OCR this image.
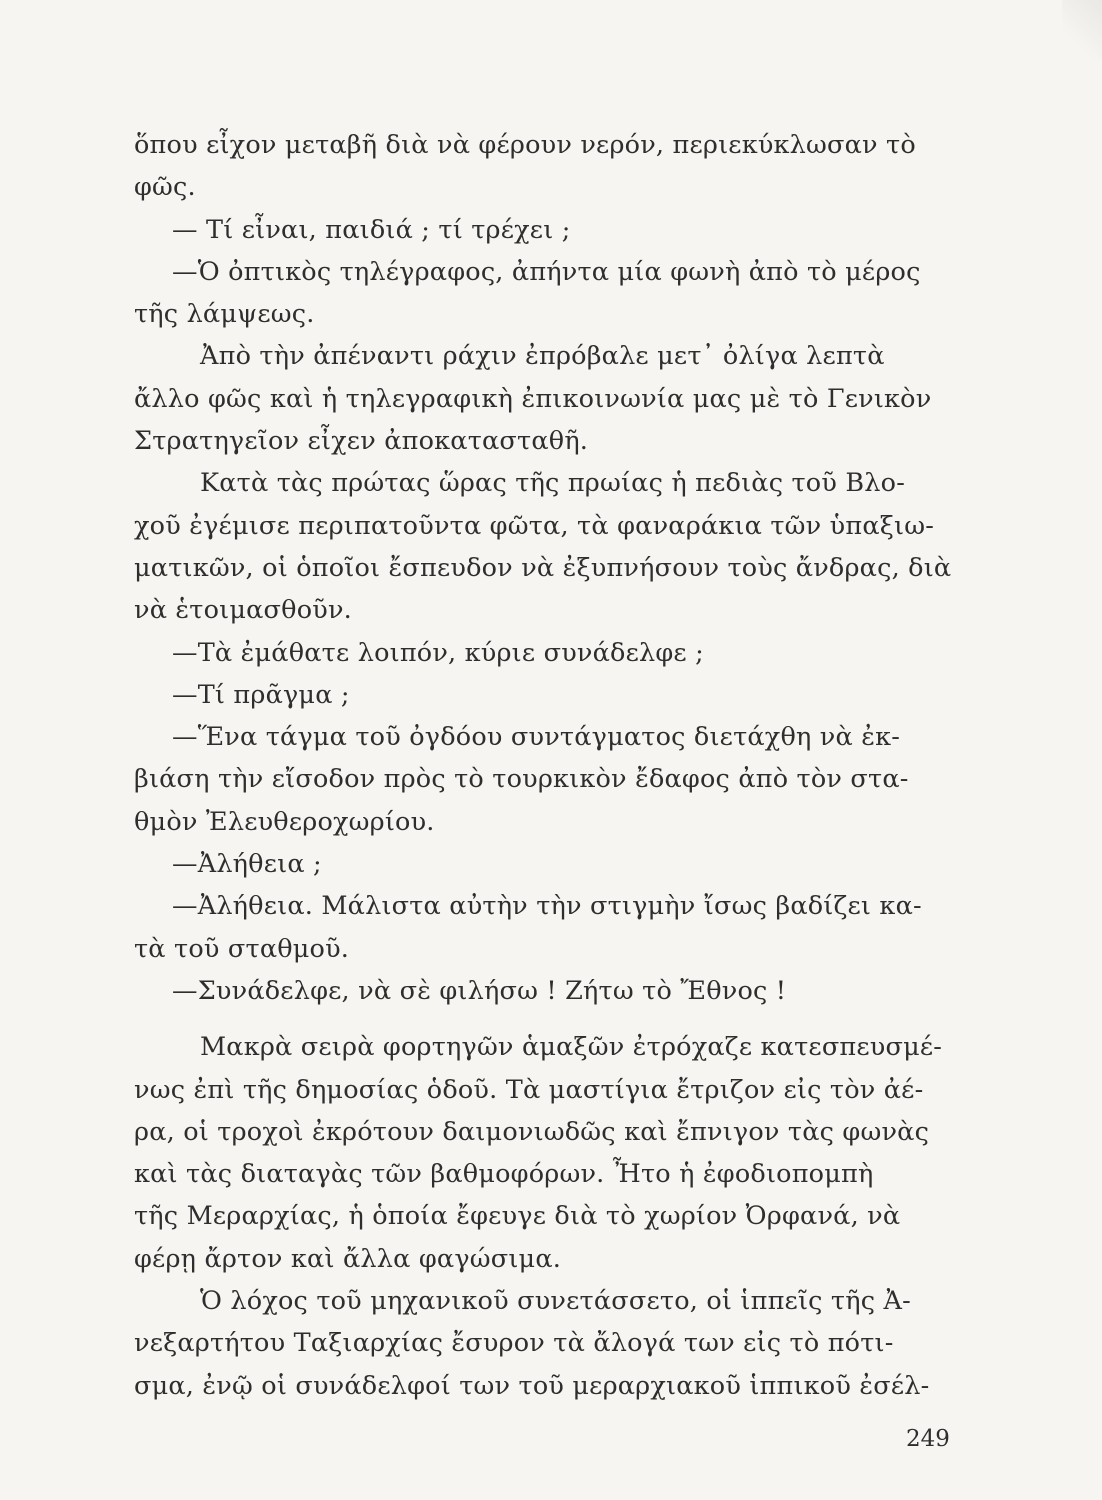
ὅπου εἶχον μεταβῆ διὰ νὰ φέρουν νερόν, περιεκύκλωσαν τὸ
φῶς.
— Τί εἶναι, παιδιά ; τί τρέχει ;
—Ὁ ὀπτικὸς τηλέγραφος, ἀπήντα μία φωνὴ ἀπὸ τὸ μέρος
τῆς λάμψεως.
Ἀπὸ τὴν ἀπέναντι ράχιν ἐπρόβαλε μετ᾿ ὀλίγα λεπτὰ
ἄλλο φῶς καὶ ἡ τηλεγραφικὴ ἐπικοινωνία μας μὲ τὸ Γενικὸν
Στρατηγεῖον εἶχεν ἀποκατασταθῆ.
Κατὰ τὰς πρώτας ὥρας τῆς πρωίας ἡ πεδιὰς τοῦ Βλο-
χοῦ ἐγέμισε περιπατοῦντα φῶτα, τὰ φαναράκια τῶν ὑπαξιω-
ματικῶν, οἱ ὁποῖοι ἔσπευδον νὰ ἐξυπνήσουν τοὺς ἄνδρας, διὰ
νὰ ἑτοιμασθοῦν.
—Τὰ ἐμάθατε λοιπόν, κύριε συνάδελφε ;
—Τί πρᾶγμα ;
—Ἕνα τάγμα τοῦ ὀγδόου συντάγματος διετάχθη νὰ ἐκ-
βιάση τὴν εἴσοδον πρὸς τὸ τουρκικὸν ἔδαφος ἀπὸ τὸν στα-
θμὸν Ἐλευθεροχωρίου.
—Ἀλήθεια ;
—Ἀλήθεια. Μάλιστα αὐτὴν τὴν στιγμὴν ἴσως βαδίζει κα-
τὰ τοῦ σταθμοῦ.
—Συνάδελφε, νὰ σὲ φιλήσω ! Ζήτω τὸ Ἔθνος !
Μακρὰ σειρὰ φορτηγῶν ἁμαξῶν ἐτρόχαζε κατεσπευσμέ-
νως ἐπὶ τῆς δημοσίας ὁδοῦ. Τὰ μαστίγια ἔτριζον εἰς τὸν ἀέ-
ρα, οἱ τροχοὶ ἐκρότουν δαιμονιωδῶς καὶ ἔπνιγον τὰς φωνὰς
καὶ τὰς διαταγὰς τῶν βαθμοφόρων. Ἦτο ἡ ἐφοδιοπομπὴ
τῆς Μεραρχίας, ἡ ὁποία ἔφευγε διὰ τὸ χωρίον Ὀρφανά, νὰ
φέρῃ ἄρτον καὶ ἄλλα φαγώσιμα.
Ὁ λόχος τοῦ μηχανικοῦ συνετάσσετο, οἱ ἱππεῖς τῆς Ἀ-
νεξαρτήτου Ταξιαρχίας ἔσυρον τὰ ἄλογά των εἰς τὸ πότι-
σμα, ἐνῷ οἱ συνάδελφοί των τοῦ μεραρχιακοῦ ἱππικοῦ ἐσέλ-
249
